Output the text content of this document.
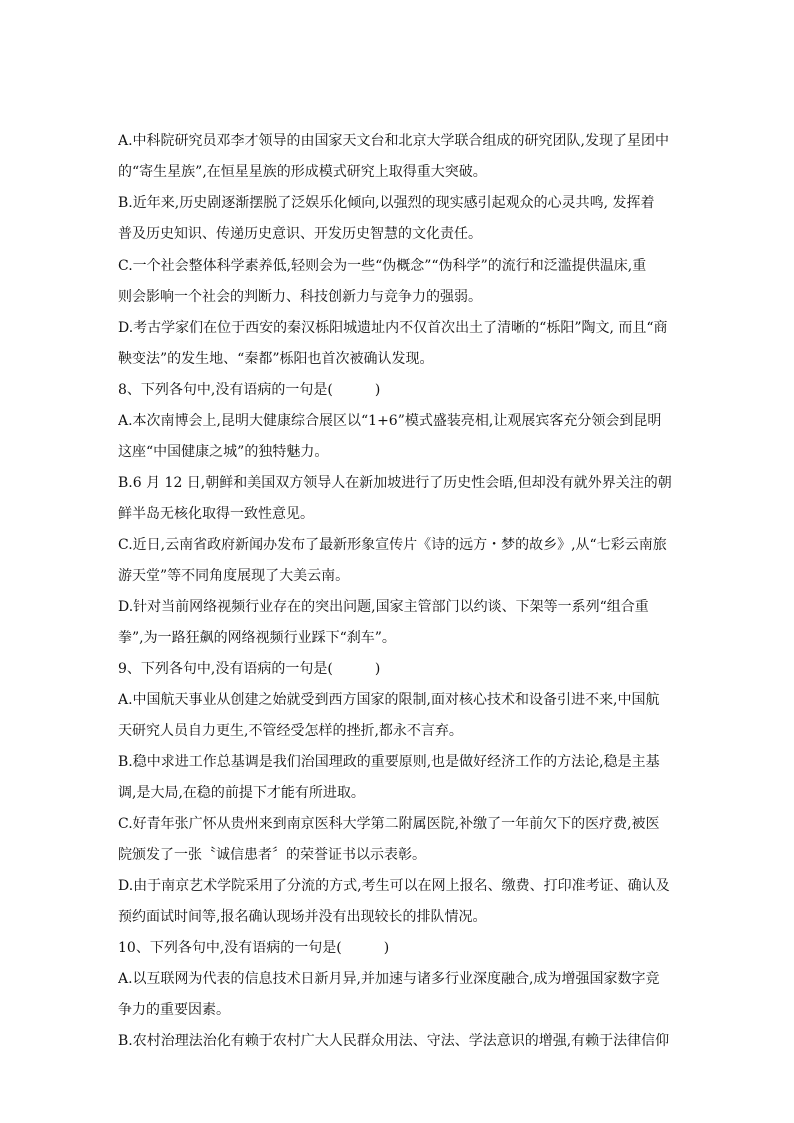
A.中科院研究员邓李才领导的由国家天文台和北京大学联合组成的研究团队,发现了星团中
的“寄生星族”,在恒星星族的形成模式研究上取得重大突破。
B.近年来,历史剧逐渐摆脱了泛娱乐化倾向,以强烈的现实感引起观众的心灵共鸣, 发挥着
普及历史知识、传递历史意识、开发历史智慧的文化责任。
C.一个社会整体科学素养低,轻则会为一些“伪概念”“伪科学”的流行和泛滥提供温床,重
则会影响一个社会的判断力、科技创新力与竞争力的强弱。
D.考古学家们在位于西安的秦汉栎阳城遗址内不仅首次出土了清晰的“栎阳”陶文, 而且“商
鞅变法”的发生地、“秦都”栎阳也首次被确认发现。
8、下列各句中,没有语病的一句是(　　　)
A.本次南博会上,昆明大健康综合展区以“1+6”模式盛装亮相,让观展宾客充分领会到昆明
这座“中国健康之城”的独特魅力。
B.6 月 12 日,朝鲜和美国双方领导人在新加坡进行了历史性会晤,但却没有就外界关注的朝
鲜半岛无核化取得一致性意见。
C.近日,云南省政府新闻办发布了最新形象宣传片《诗的远方・梦的故乡》,从“七彩云南旅
游天堂”等不同角度展现了大美云南。
D.针对当前网络视频行业存在的突出问题,国家主管部门以约谈、下架等一系列“组合重
拳”,为一路狂飙的网络视频行业踩下“刹车”。
9、下列各句中,没有语病的一句是(　　　)
A.中国航天事业从创建之始就受到西方国家的限制,面对核心技术和设备引进不来,中国航
天研究人员自力更生,不管经受怎样的挫折,都永不言弃。
B.稳中求进工作总基调是我们治国理政的重要原则,也是做好经济工作的方法论,稳是主基
调,是大局,在稳的前提下才能有所进取。
C.好青年张广怀从贵州来到南京医科大学第二附属医院,补缴了一年前欠下的医疗费,被医
院颁发了一张〝诚信患者〞的荣誉证书以示表彰。
D.由于南京艺术学院采用了分流的方式,考生可以在网上报名、缴费、打印准考证、确认及
预约面试时间等,报名确认现场并没有出现较长的排队情况。
10、下列各句中,没有语病的一句是(　　　)
A.以互联网为代表的信息技术日新月异,并加速与诸多行业深度融合,成为增强国家数字竞
争力的重要因素。
B.农村治理法治化有赖于农村广大人民群众用法、守法、学法意识的增强,有赖于法律信仰
